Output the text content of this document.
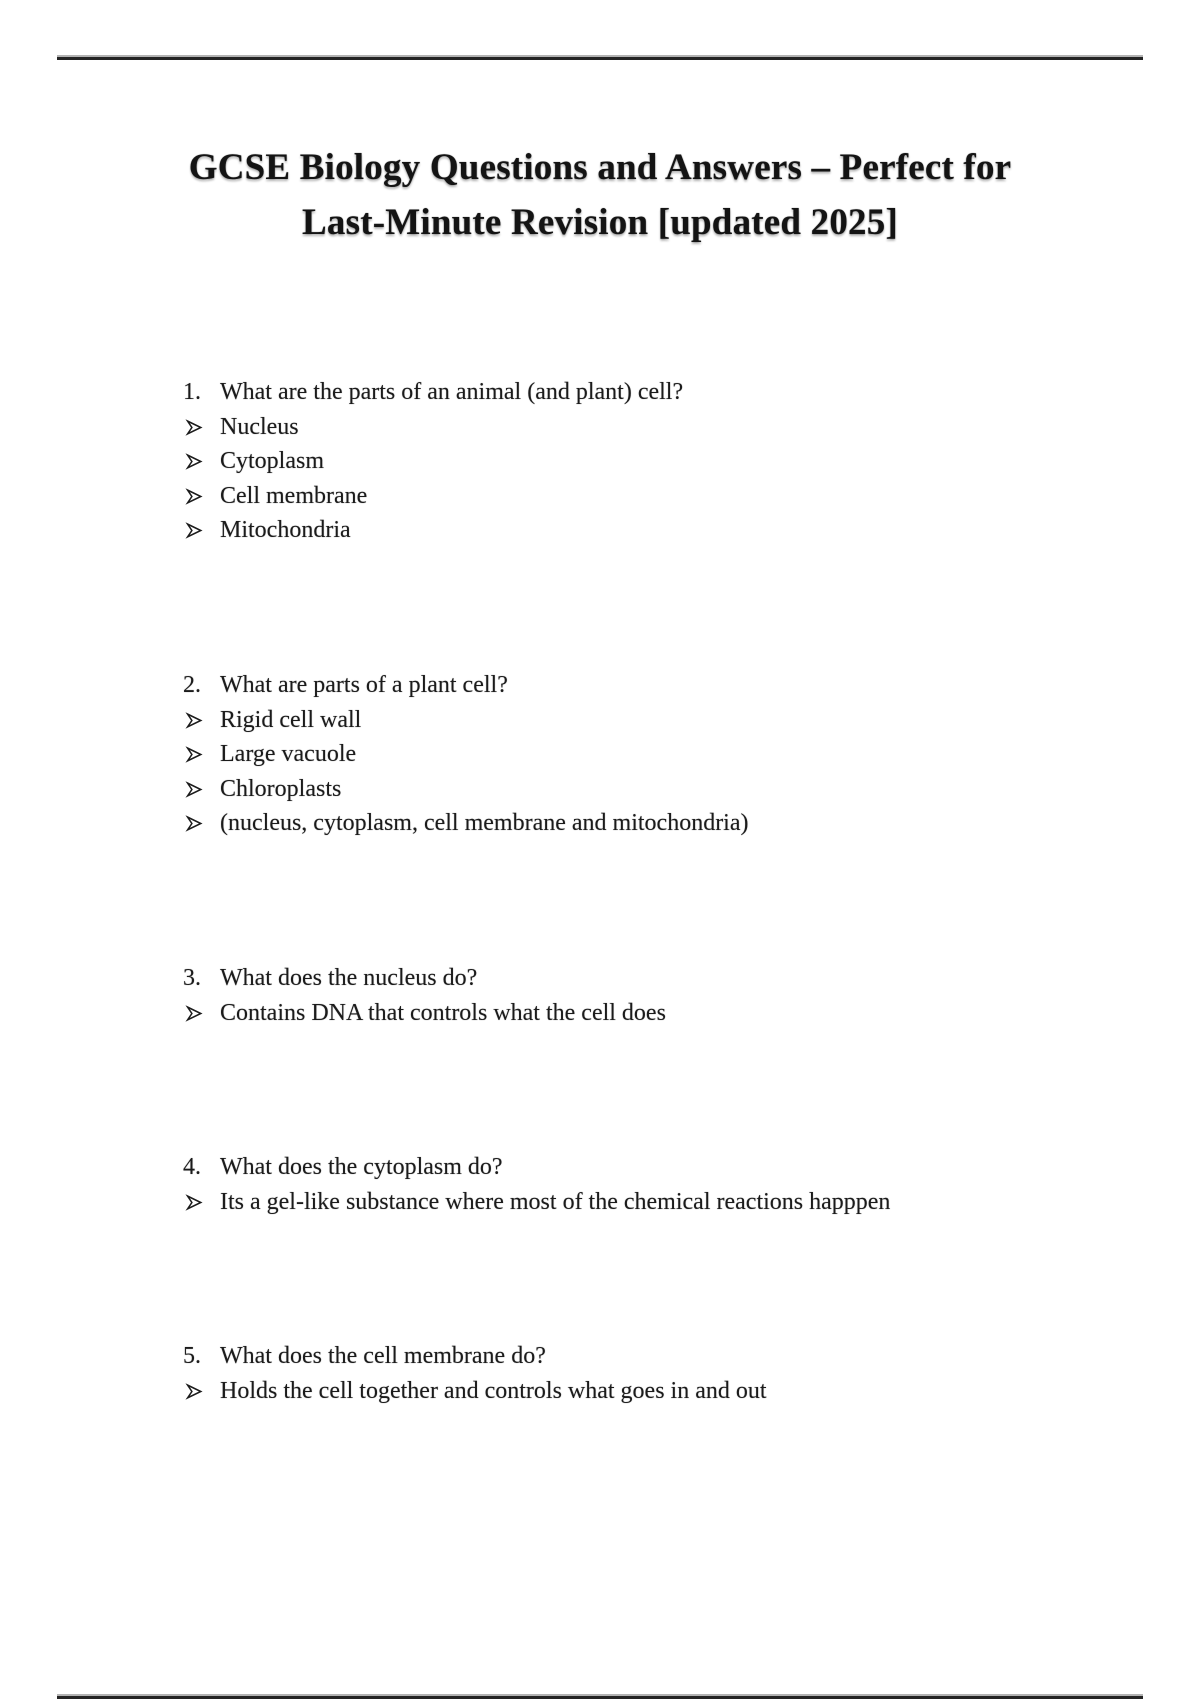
GCSE Biology Questions and Answers – Perfect for
Last-Minute Revision [updated 2025]
1. What are the parts of an animal (and plant) cell?
Nucleus
Cytoplasm
Cell membrane
Mitochondria
2. What are parts of a plant cell?
Rigid cell wall
Large vacuole
Chloroplasts
(nucleus, cytoplasm, cell membrane and mitochondria)
3. What does the nucleus do?
Contains DNA that controls what the cell does
4. What does the cytoplasm do?
Its a gel-like substance where most of the chemical reactions happpen
5. What does the cell membrane do?
Holds the cell together and controls what goes in and out
